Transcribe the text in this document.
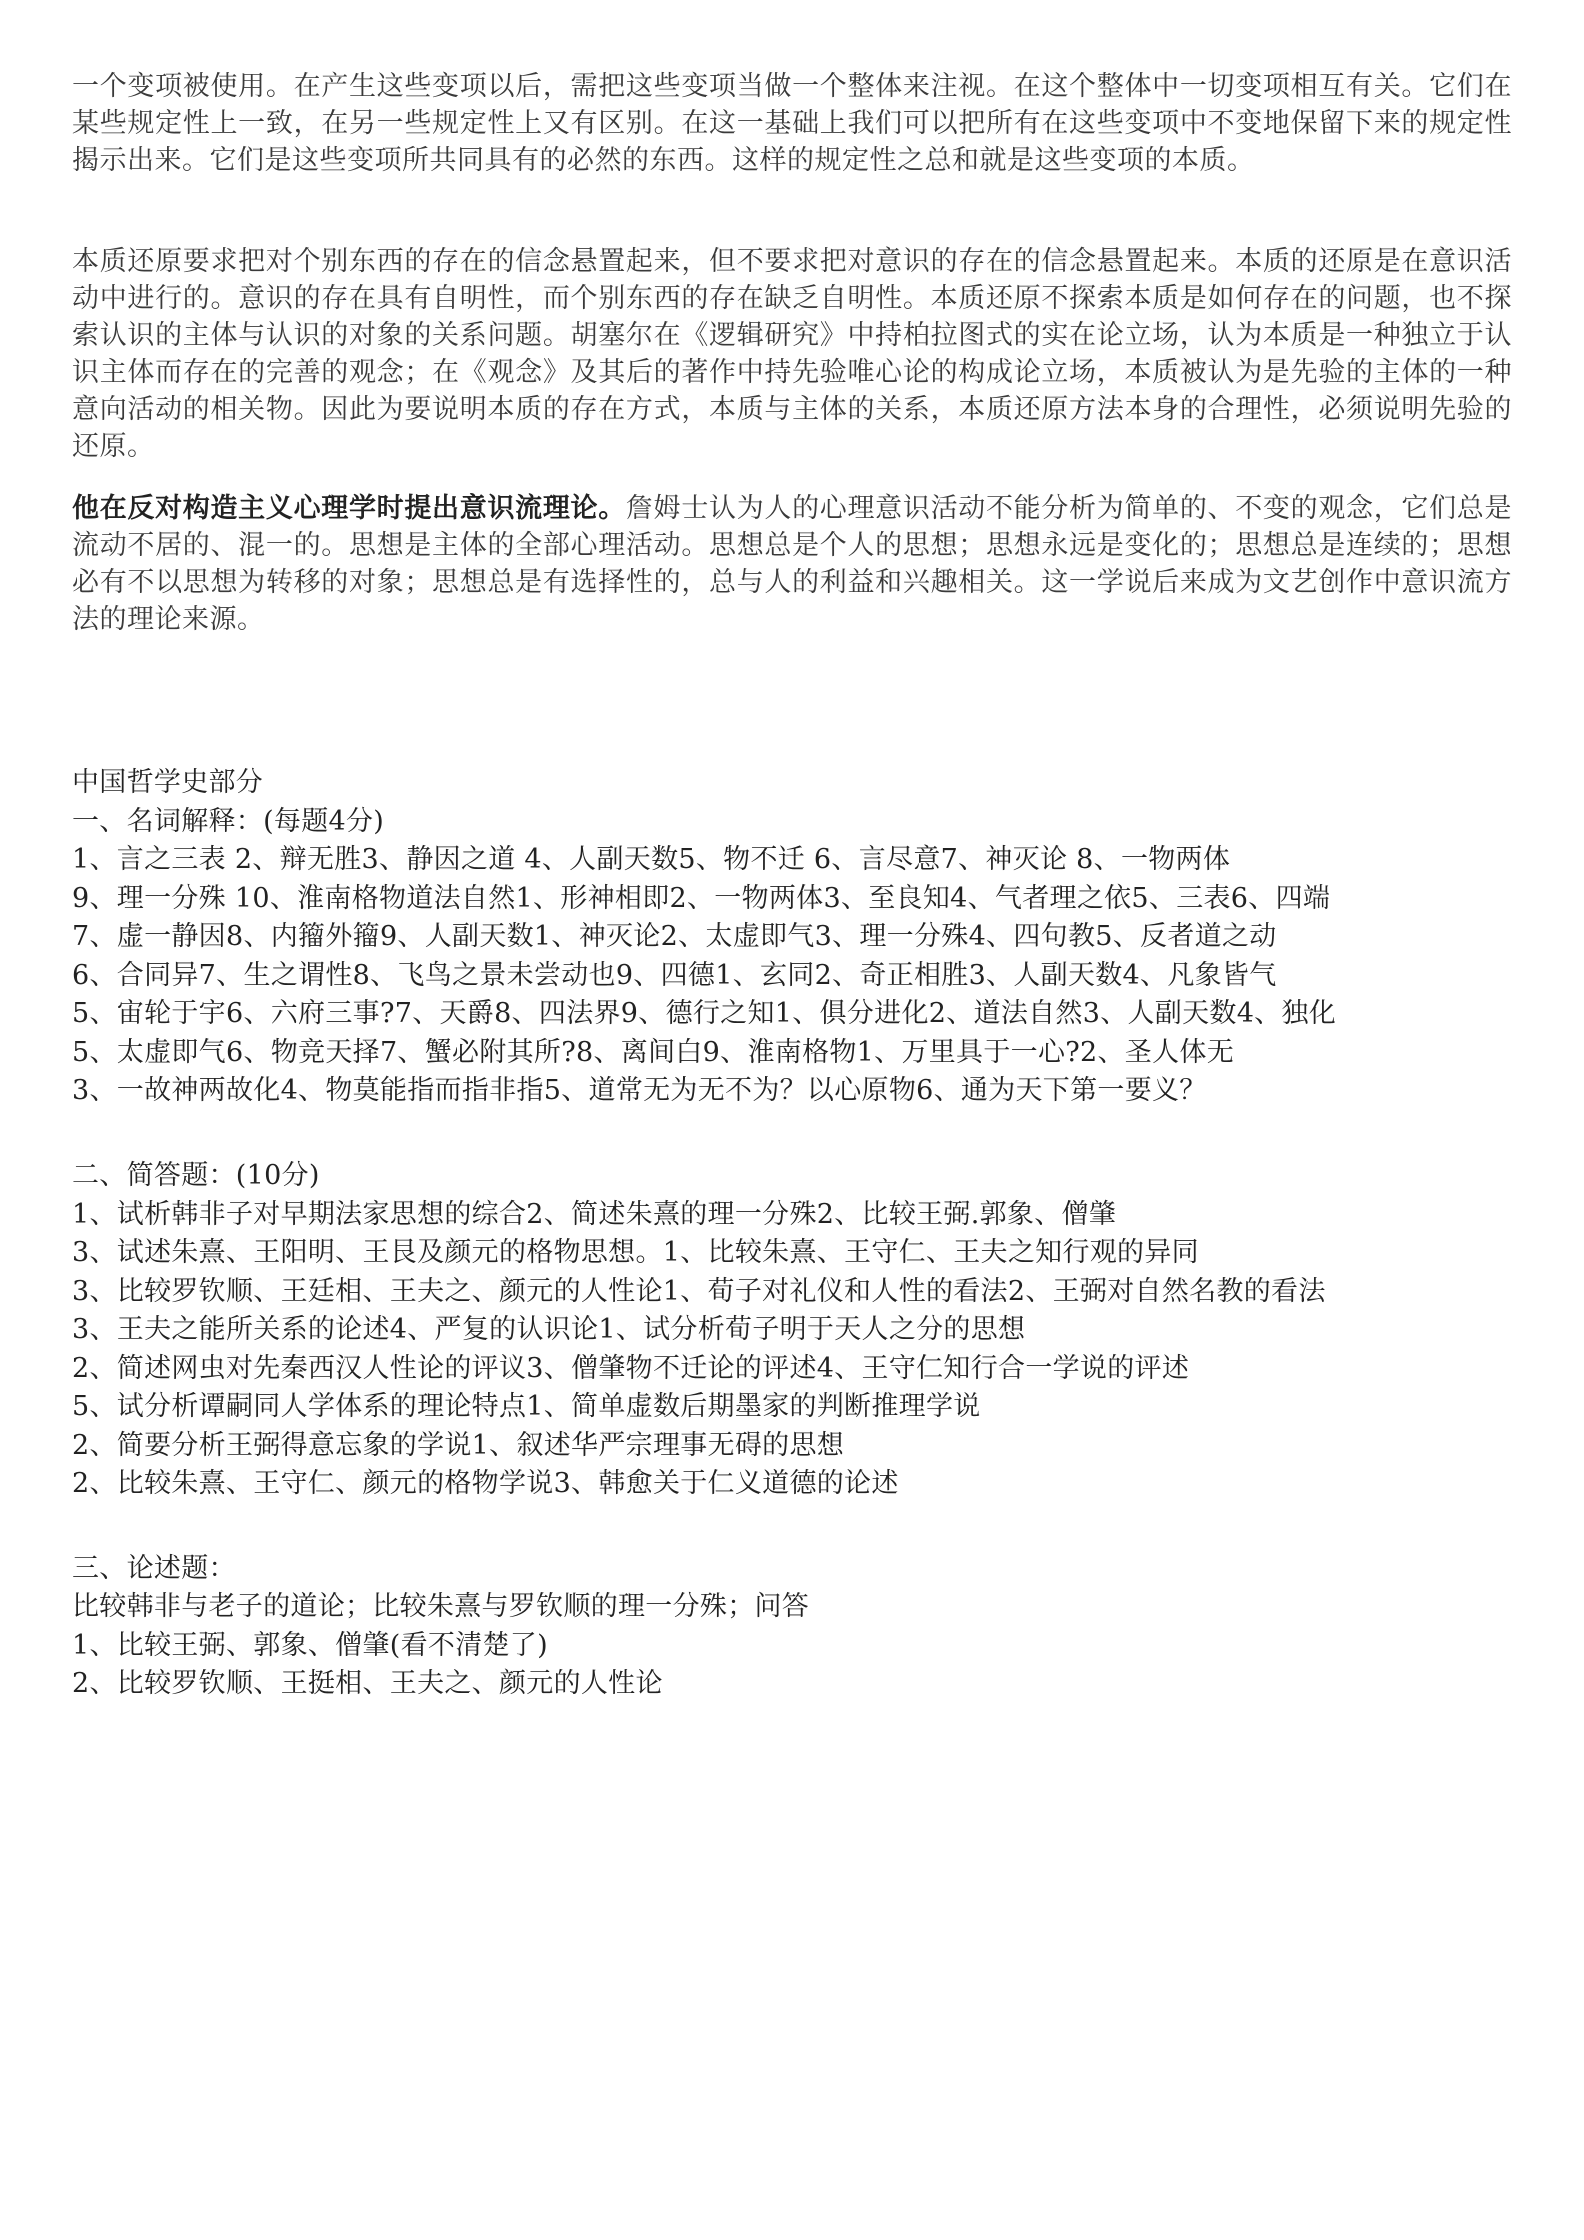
一个变项被使用。在产生这些变项以后，需把这些变项当做一个整体来注视。在这个整体中一切变项相互有关。它们在某些规定性上一致，在另一些规定性上又有区别。在这一基础上我们可以把所有在这些变项中不变地保留下来的规定性揭示出来。它们是这些变项所共同具有的必然的东西。这样的规定性之总和就是这些变项的本质。

本质还原要求把对个别东西的存在的信念悬置起来，但不要求把对意识的存在的信念悬置起来。本质的还原是在意识活动中进行的。意识的存在具有自明性，而个别东西的存在缺乏自明性。本质还原不探索本质是如何存在的问题，也不探索认识的主体与认识的对象的关系问题。胡塞尔在《逻辑研究》中持柏拉图式的实在论立场，认为本质是一种独立于认识主体而存在的完善的观念；在《观念》及其后的著作中持先验唯心论的构成论立场，本质被认为是先验的主体的一种意向活动的相关物。因此为要说明本质的存在方式，本质与主体的关系，本质还原方法本身的合理性，必须说明先验的还原。

他在反对构造主义心理学时提出意识流理论。詹姆士认为人的心理意识活动不能分析为简单的、不变的观念，它们总是流动不居的、混一的。思想是主体的全部心理活动。思想总是个人的思想；思想永远是变化的；思想总是连续的；思想必有不以思想为转移的对象；思想总是有选择性的，总与人的利益和兴趣相关。这一学说后来成为文艺创作中意识流方法的理论来源。

中国哲学史部分
一、名词解释：(每题4分)
1、言之三表 2、辩无胜3、静因之道 4、人副天数5、物不迁 6、言尽意7、神灭论 8、一物两体
9、理一分殊 10、淮南格物道法自然1、形神相即2、一物两体3、至良知4、气者理之依5、三表6、四端
7、虚一静因8、内籀外籀9、人副天数1、神灭论2、太虚即气3、理一分殊4、四句教5、反者道之动
6、合同异7、生之谓性8、飞鸟之景未尝动也9、四德1、玄同2、奇正相胜3、人副天数4、凡象皆气
5、宙轮于宇6、六府三事?7、天爵8、四法界9、德行之知1、俱分进化2、道法自然3、人副天数4、独化
5、太虚即气6、物竞天择7、蟹必附其所?8、离间白9、淮南格物1、万里具于一心?2、圣人体无
3、一故神两故化4、物莫能指而指非指5、道常无为无不为？以心原物6、通为天下第一要义？
二、简答题：(10分)
1、试析韩非子对早期法家思想的综合2、简述朱熹的理一分殊2、比较王弼.郭象、僧肇
3、试述朱熹、王阳明、王艮及颜元的格物思想。1、比较朱熹、王守仁、王夫之知行观的异同
3、比较罗钦顺、王廷相、王夫之、颜元的人性论1、荀子对礼仪和人性的看法2、王弼对自然名教的看法
3、王夫之能所关系的论述4、严复的认识论1、试分析荀子明于天人之分的思想
2、简述网虫对先秦西汉人性论的评议3、僧肇物不迁论的评述4、王守仁知行合一学说的评述
5、试分析谭嗣同人学体系的理论特点1、简单虚数后期墨家的判断推理学说
2、简要分析王弼得意忘象的学说1、叙述华严宗理事无碍的思想
2、比较朱熹、王守仁、颜元的格物学说3、韩愈关于仁义道德的论述
三、论述题：
比较韩非与老子的道论；比较朱熹与罗钦顺的理一分殊；问答
1、比较王弼、郭象、僧肇(看不清楚了)
2、比较罗钦顺、王挺相、王夫之、颜元的人性论
